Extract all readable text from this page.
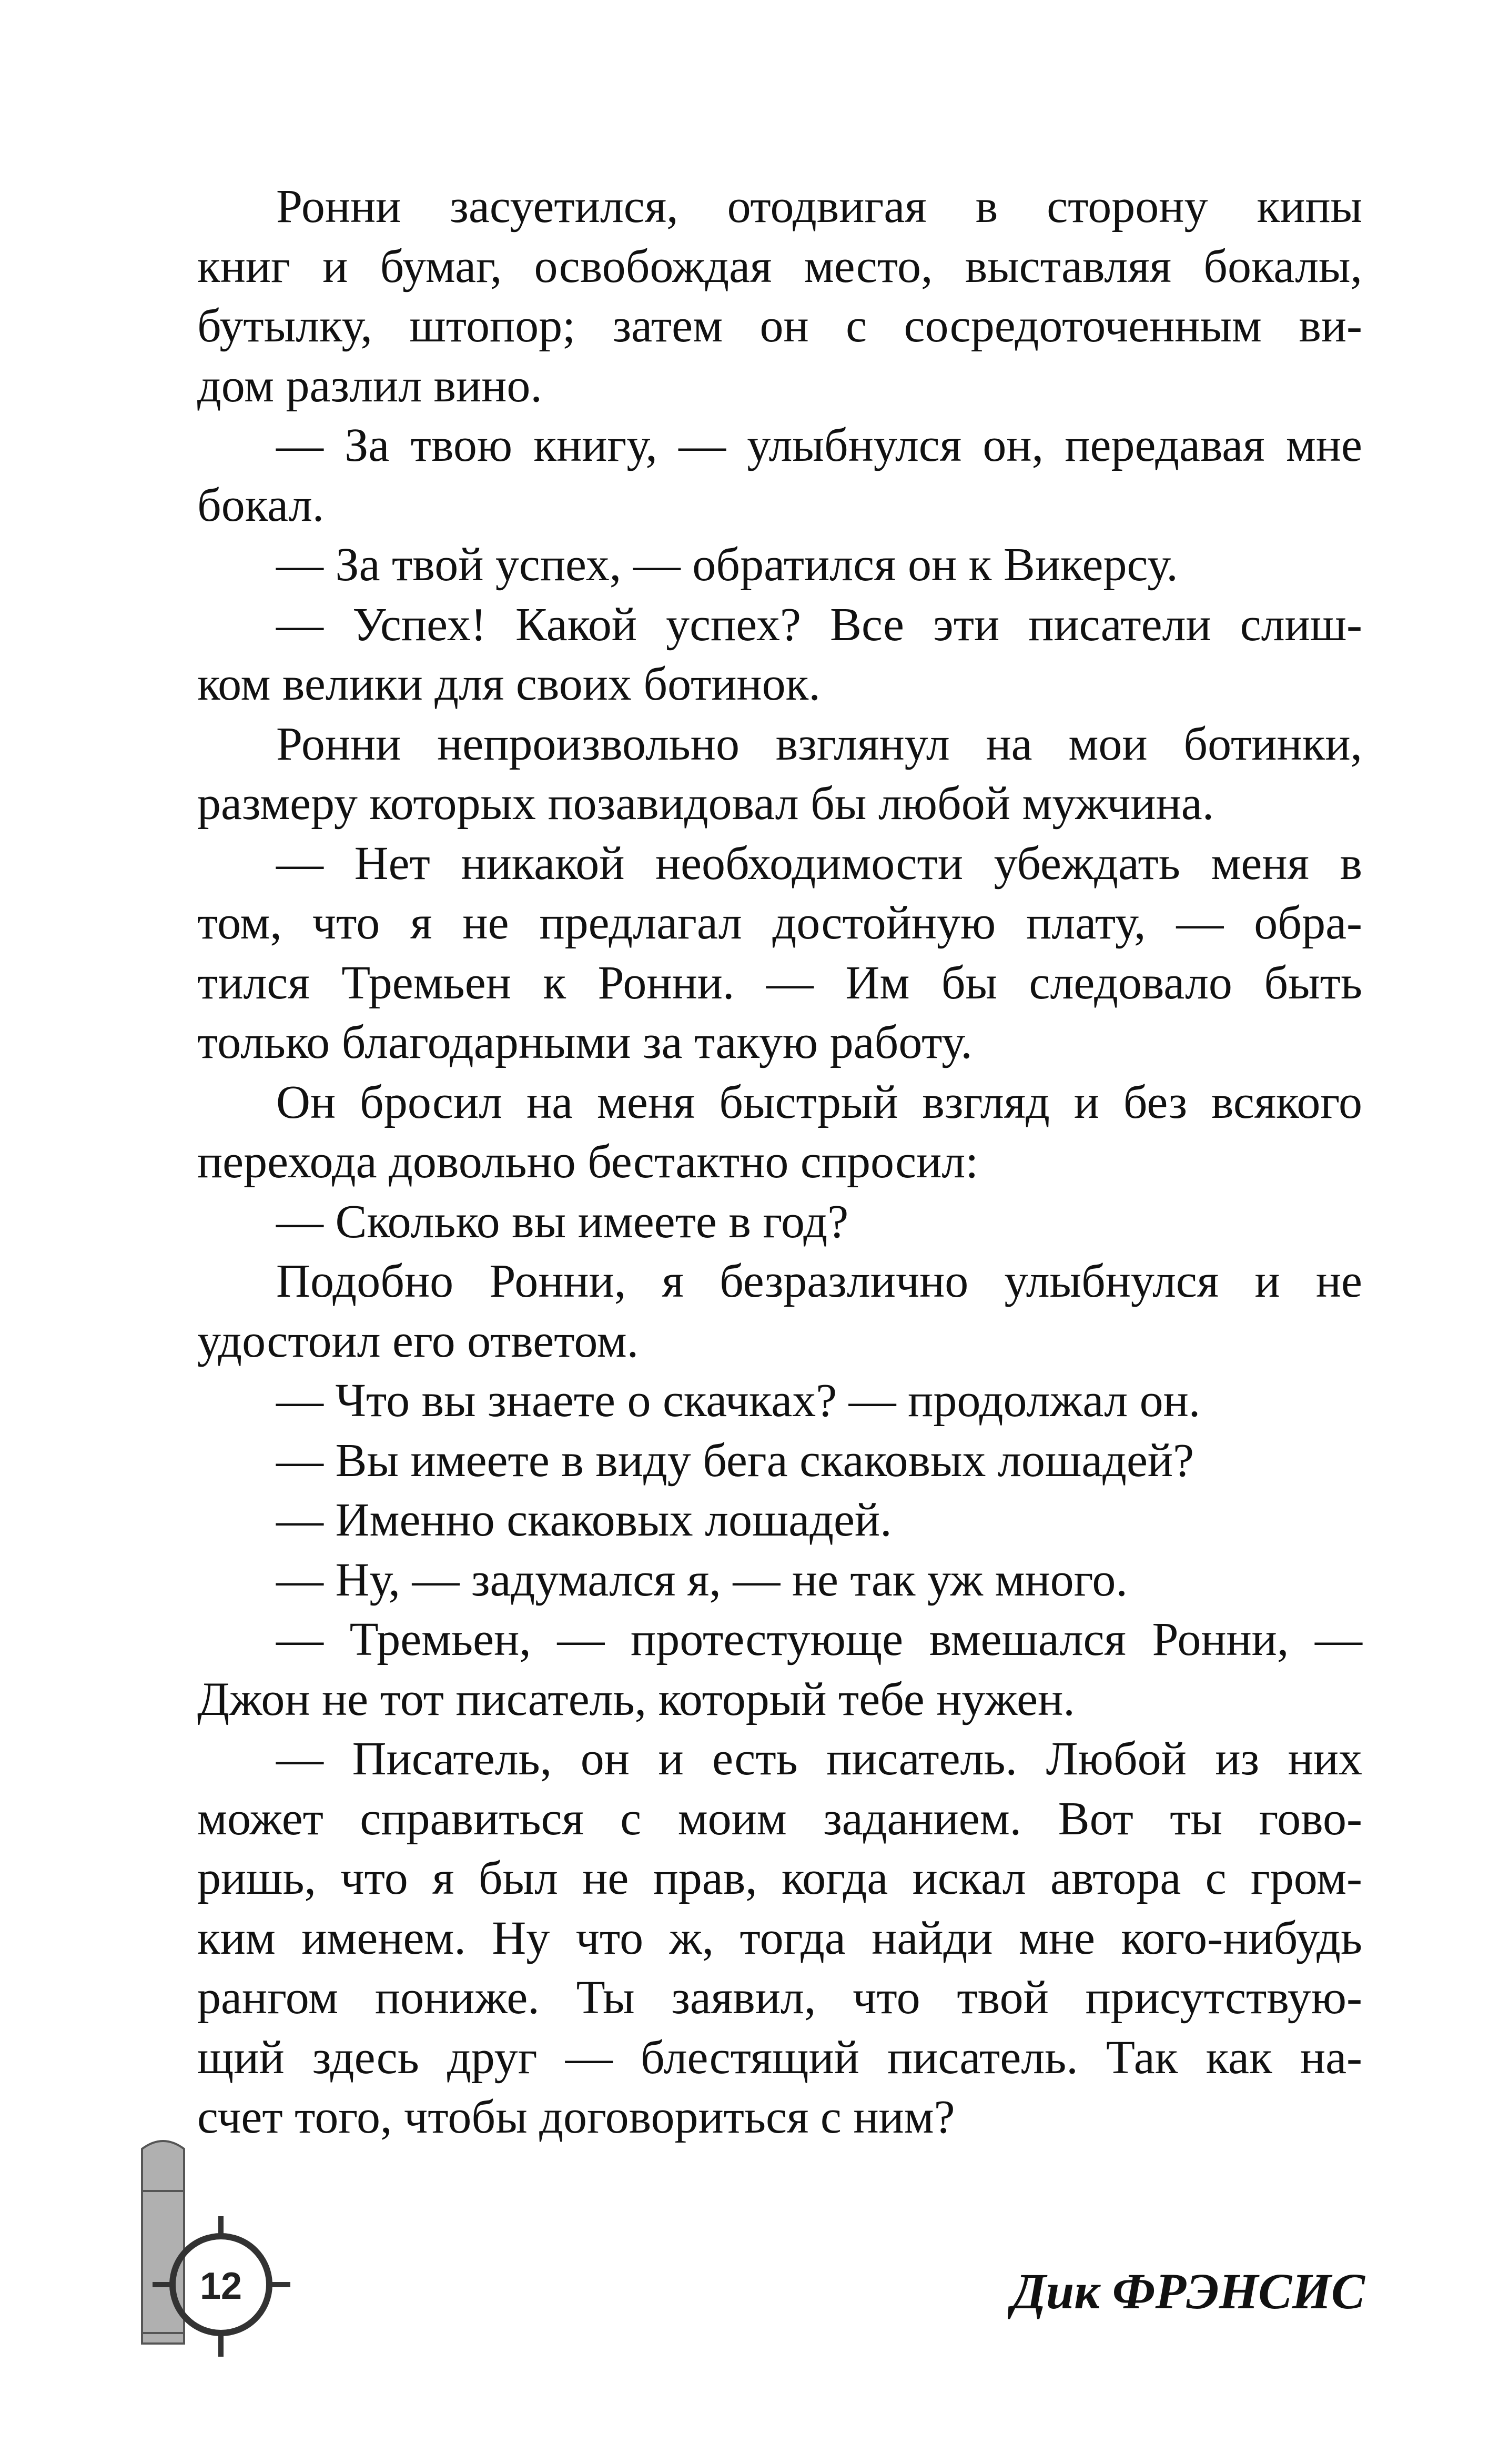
Ронни засуетился, отодвигая в сторону кипы
книг и бумаг, освобождая место, выставляя бокалы,
бутылку, штопор; затем он с сосредоточенным ви-
дом разлил вино.
— За твою книгу, — улыбнулся он, передавая мне
бокал.
— За твой успех, — обратился он к Викерсу.
— Успех! Какой успех? Все эти писатели слиш-
ком велики для своих ботинок.
Ронни непроизвольно взглянул на мои ботинки,
размеру которых позавидовал бы любой мужчина.
— Нет никакой необходимости убеждать меня в
том, что я не предлагал достойную плату, — обра-
тился Тремьен к Ронни. — Им бы следовало быть
только благодарными за такую работу.
Он бросил на меня быстрый взгляд и без всякого
перехода довольно бестактно спросил:
— Сколько вы имеете в год?
Подобно Ронни, я безразлично улыбнулся и не
удостоил его ответом.
— Что вы знаете о скачках? — продолжал он.
— Вы имеете в виду бега скаковых лошадей?
— Именно скаковых лошадей.
— Ну, — задумался я, — не так уж много.
— Тремьен, — протестующе вмешался Ронни, —
Джон не тот писатель, который тебе нужен.
— Писатель, он и есть писатель. Любой из них
может справиться с моим заданием. Вот ты гово-
ришь, что я был не прав, когда искал автора с гром-
ким именем. Ну что ж, тогда найди мне кого-нибудь
рангом пониже. Ты заявил, что твой присутствую-
щий здесь друг — блестящий писатель. Так как на-
счет того, чтобы договориться с ним?
12	Дик ФРЭНСИС
